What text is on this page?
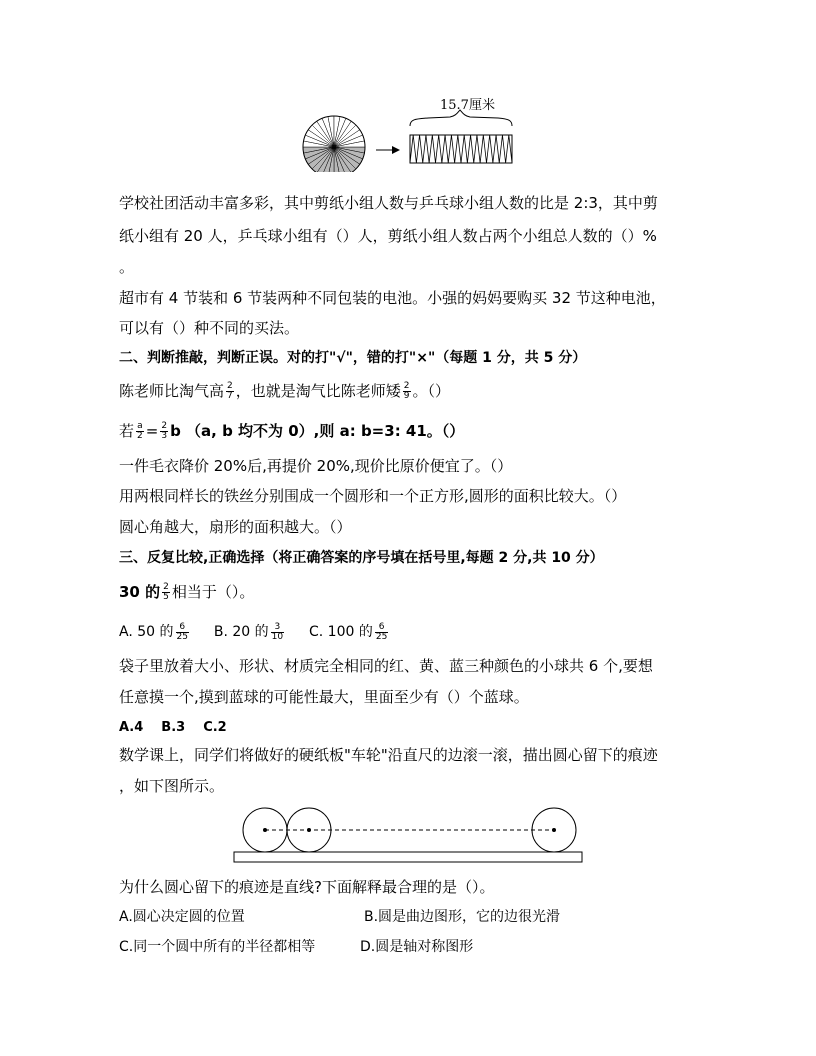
15.7厘米
学校社团活动丰富多彩，其中剪纸小组人数与乒乓球小组人数的比是 2:3，其中剪
纸小组有 20 人，乒乓球小组有（）人，剪纸小组人数占两个小组总人数的（）%
。
超市有 4 节装和 6 节装两种不同包装的电池。小强的妈妈要购买 32 节这种电池，
可以有（）种不同的买法。
二、判断推敲，判断正误。对的打"√"，错的打"×"（每题 1 分，共 5 分）
陈老师比淘气高 $\frac{2}{7}$ ，也就是淘气比陈老师矮 $\frac{2}{9}$ 。（）
若 $\frac{a}{2} = \frac{2}{3}$ b （a, b 均不为 0）,则 a: b=3: 41。（）
一件毛衣降价 20%后,再提价 20%,现价比原价便宜了。（）
用两根同样长的铁丝分别围成一个圆形和一个正方形,圆形的面积比较大。（）
圆心角越大，扇形的面积越大。（）
三、反复比较,正确选择（将正确答案的序号填在括号里,每题 2 分,共 10 分）
30 的 $\frac{2}{5}$ 相当于（）。
A. 50 的 $\frac{6}{25} B$. 20 的 $\frac{3}{10} C$. 100 的 $\frac{6}{25}$
袋子里放着大小、形状、材质完全相同的红、黄、蓝三种颜色的小球共 6 个,要想
任意摸一个,摸到蓝球的可能性最大，里面至少有（）个蓝球。
A.4 B.3 C.2
数学课上，同学们将做好的硬纸板"车轮"沿直尺的边滚一滚，描出圆心留下的痕迹
，如下图所示。
为什么圆心留下的痕迹是直线?下面解释最合理的是（）。
A.圆心决定圆的位置	B.圆是曲边图形，它的边很光滑
C.同一个圆中所有的半径都相等	D.圆是轴对称图形
